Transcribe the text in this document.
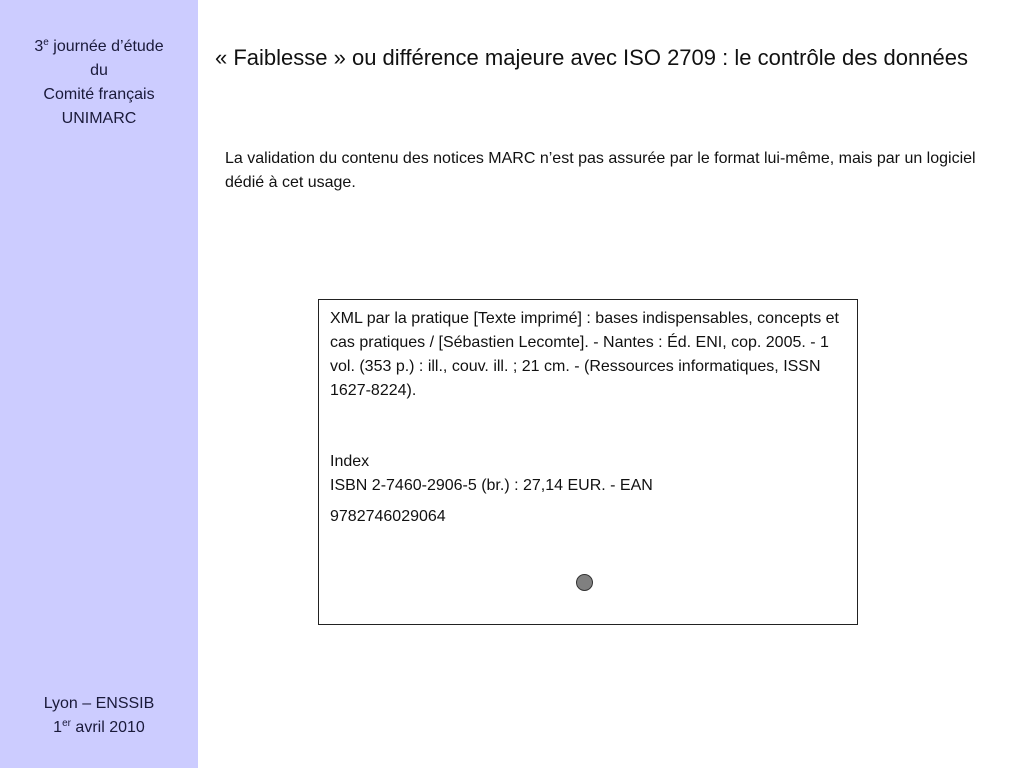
3e journée d’étude
du
Comité français
UNIMARC
Lyon – ENSSIB
1er avril 2010
« Faiblesse » ou différence majeure avec ISO 2709 : le contrôle des données

La validation du contenu des notices MARC n’est pas assurée par le format lui-même, mais par un logiciel dédié à cet usage.

XML par la pratique [Texte imprimé] : bases indispensables, concepts et cas pratiques / [Sébastien Lecomte]. - Nantes : Éd. ENI, cop. 2005. - 1 vol. (353 p.) : ill., couv. ill. ; 21 cm. - (Ressources informatiques, ISSN 1627-8224).

Index

ISBN 2-7460-2906-5 (br.) : 27,14 EUR. - EAN

9782746029064
